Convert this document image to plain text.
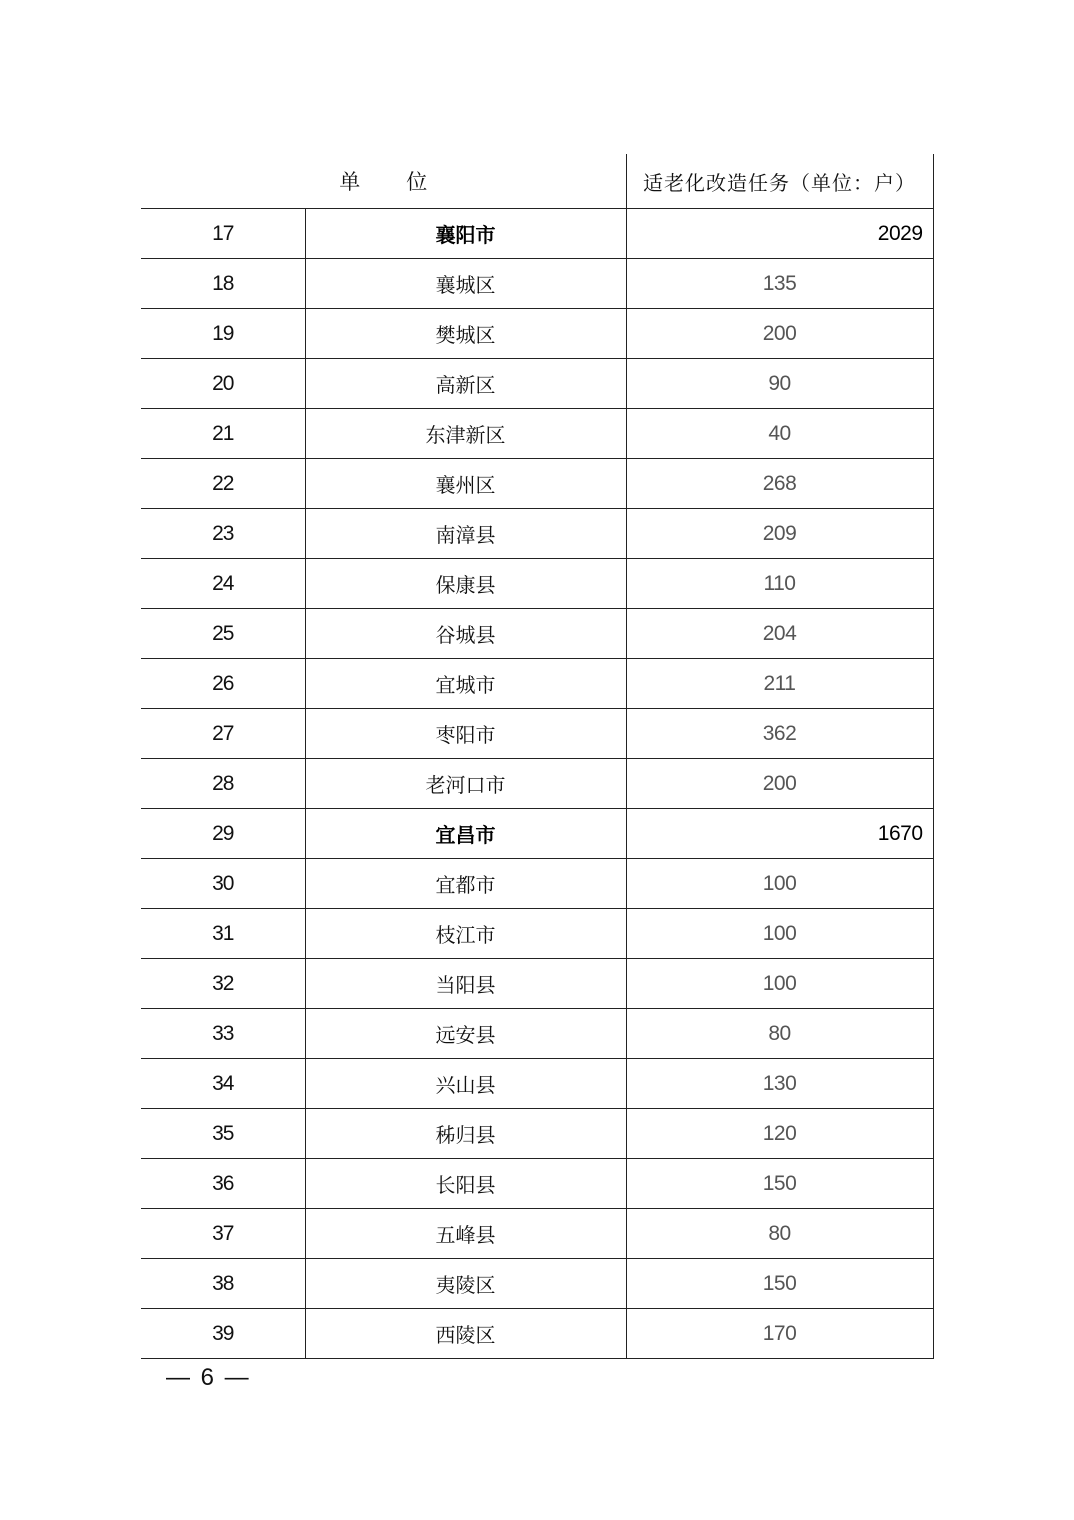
单 位		适老化改造任务（单位：户）
17	襄阳市	2029
18	襄城区	135
19	樊城区	200
20	高新区	90
21	东津新区	40
22	襄州区	268
23	南漳县	209
24	保康县	110
25	谷城县	204
26	宜城市	211
27	枣阳市	362
28	老河口市	200
29	宜昌市	1670
30	宜都市	100
31	枝江市	100
32	当阳县	100
33	远安县	80
34	兴山县	130
35	秭归县	120
36	长阳县	150
37	五峰县	80
38	夷陵区	150
39	西陵区	170
— 6 —
